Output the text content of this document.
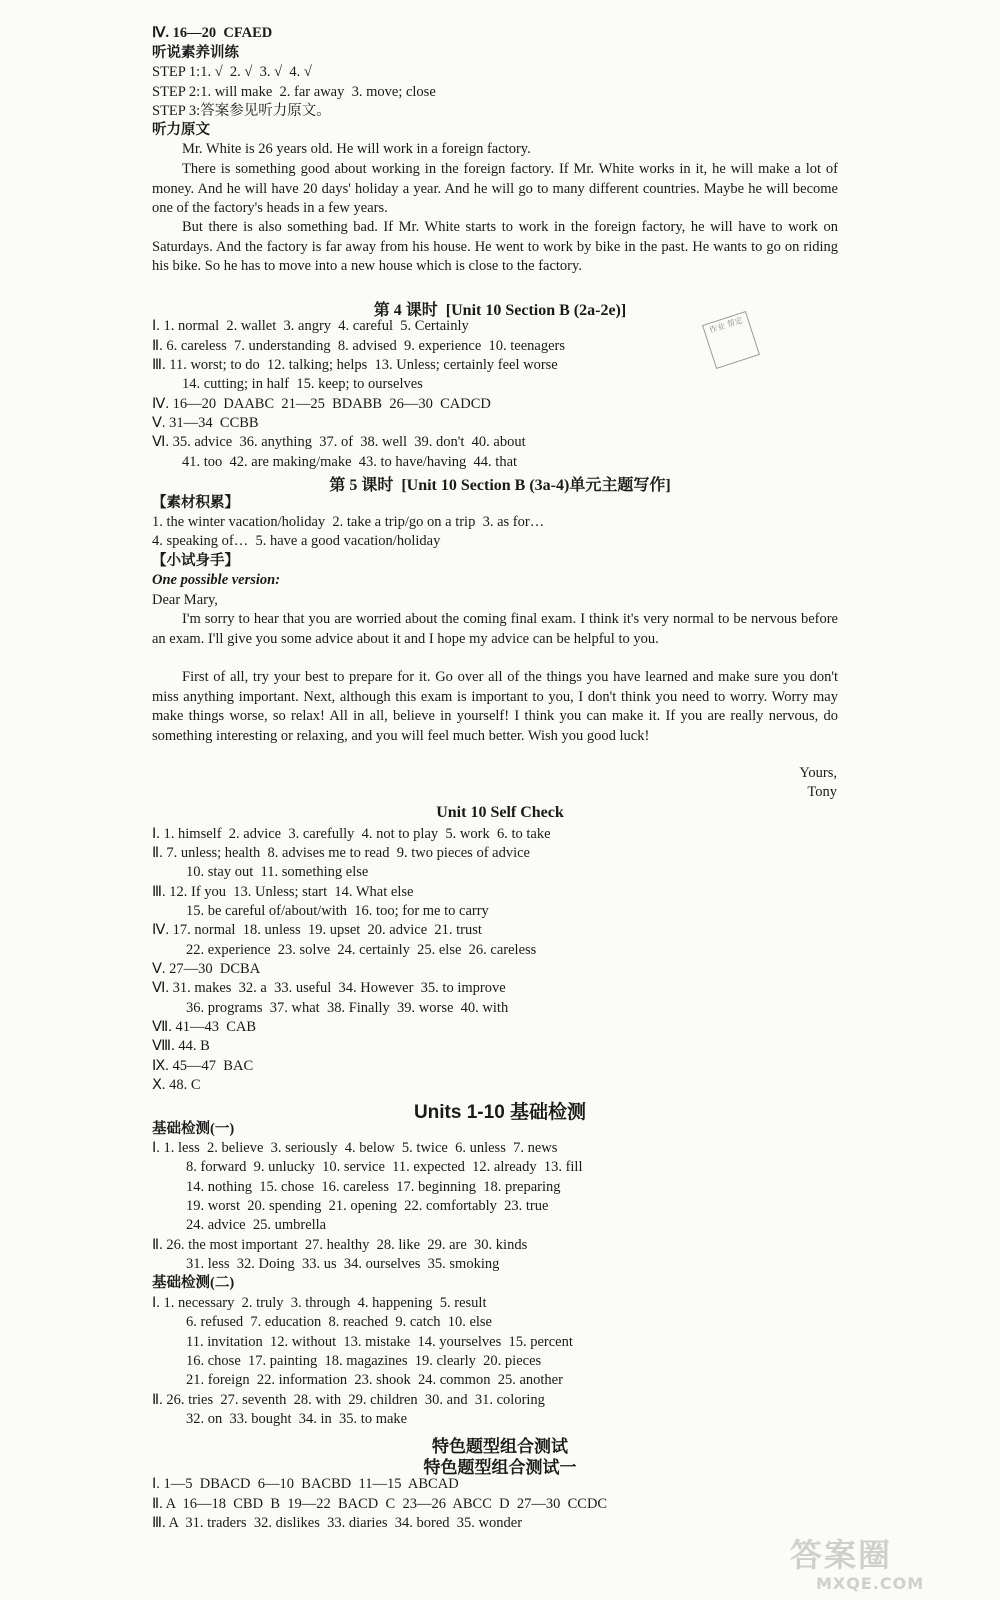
Ⅳ. 16—20  CFAED
听说素养训练
STEP 1:1. √  2. √  3. √  4. √
STEP 2:1. will make  2. far away  3. move; close
STEP 3:答案参见听力原文。
听力原文
Mr. White is 26 years old. He will work in a foreign factory.
There is something good about working in the foreign factory. If Mr. White works in it, he will make a lot of money. And he will have 20 days' holiday a year. And he will go to many different countries. Maybe he will become one of the factory's heads in a few years.
But there is also something bad. If Mr. White starts to work in the foreign factory, he will have to work on Saturdays. And the factory is far away from his house. He went to work by bike in the past. He wants to go on riding his bike. So he has to move into a new house which is close to the factory.
第 4 课时  [Unit 10 Section B (2a-2e)]
Ⅰ. 1. normal  2. wallet  3. angry  4. careful  5. Certainly
Ⅱ. 6. careless  7. understanding  8. advised  9. experience  10. teenagers
Ⅲ. 11. worst; to do  12. talking; helps  13. Unless; certainly feel worse
14. cutting; in half  15. keep; to ourselves
Ⅳ. 16—20  DAABC  21—25  BDABB  26—30  CADCD
Ⅴ. 31—34  CCBB
Ⅵ. 35. advice  36. anything  37. of  38. well  39. don't  40. about
41. too  42. are making/make  43. to have/having  44. that
第 5 课时  [Unit 10 Section B (3a-4)单元主题写作]
【素材积累】
1. the winter vacation/holiday  2. take a trip/go on a trip  3. as for…
4. speaking of…  5. have a good vacation/holiday
【小试身手】
One possible version:
Dear Mary,
I'm sorry to hear that you are worried about the coming final exam. I think it's very normal to be nervous before an exam. I'll give you some advice about it and I hope my advice can be helpful to you.
First of all, try your best to prepare for it. Go over all of the things you have learned and make sure you don't miss anything important. Next, although this exam is important to you, I don't think you need to worry. Worry may make things worse, so relax! All in all, believe in yourself! I think you can make it. If you are really nervous, do something interesting or relaxing, and you will feel much better. Wish you good luck!
Yours,
Tony
Unit 10 Self Check
Ⅰ. 1. himself  2. advice  3. carefully  4. not to play  5. work  6. to take
Ⅱ. 7. unless; health  8. advises me to read  9. two pieces of advice
10. stay out  11. something else
Ⅲ. 12. If you  13. Unless; start  14. What else
15. be careful of/about/with  16. too; for me to carry
Ⅳ. 17. normal  18. unless  19. upset  20. advice  21. trust
22. experience  23. solve  24. certainly  25. else  26. careless
Ⅴ. 27—30  DCBA
Ⅵ. 31. makes  32. a  33. useful  34. However  35. to improve
36. programs  37. what  38. Finally  39. worse  40. with
Ⅶ. 41—43  CAB
Ⅷ. 44. B
Ⅸ. 45—47  BAC
Ⅹ. 48. C
Units 1-10 基础检测
基础检测(一)
Ⅰ. 1. less  2. believe  3. seriously  4. below  5. twice  6. unless  7. news
8. forward  9. unlucky  10. service  11. expected  12. already  13. fill
14. nothing  15. chose  16. careless  17. beginning  18. preparing
19. worst  20. spending  21. opening  22. comfortably  23. true
24. advice  25. umbrella
Ⅱ. 26. the most important  27. healthy  28. like  29. are  30. kinds
31. less  32. Doing  33. us  34. ourselves  35. smoking
基础检测(二)
Ⅰ. 1. necessary  2. truly  3. through  4. happening  5. result
6. refused  7. education  8. reached  9. catch  10. else
11. invitation  12. without  13. mistake  14. yourselves  15. percent
16. chose  17. painting  18. magazines  19. clearly  20. pieces
21. foreign  22. information  23. shook  24. common  25. another
Ⅱ. 26. tries  27. seventh  28. with  29. children  30. and  31. coloring
32. on  33. bought  34. in  35. to make
特色题型组合测试
特色题型组合测试一
Ⅰ. 1—5  DBACD  6—10  BACBD  11—15  ABCAD
Ⅱ. A  16—18  CBD  B  19—22  BACD  C  23—26  ABCC  D  27—30  CCDC
Ⅲ. A  31. traders  32. dislikes  33. diaries  34. bored  35. wonder
作业 帮定
答案圈
MXQE.COM
